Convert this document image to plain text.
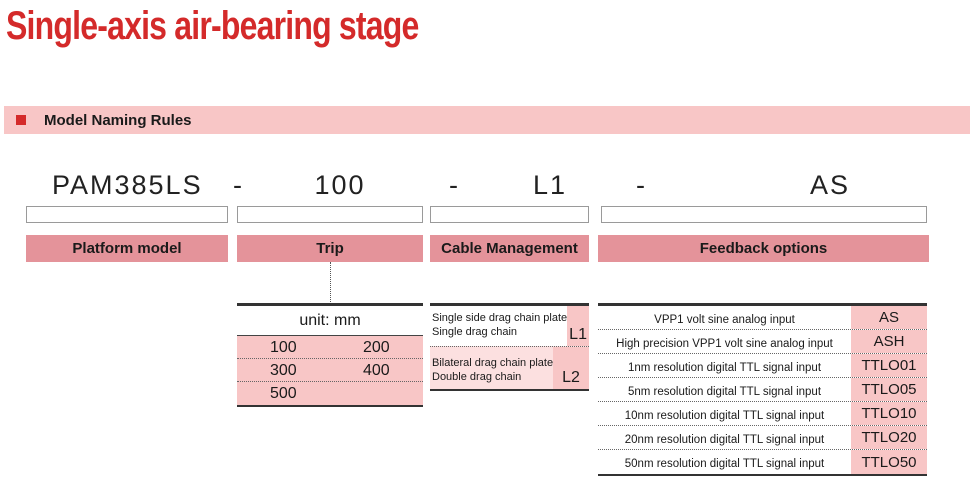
Single-axis air-bearing stage
Model Naming Rules
PAM385LS -	100	-	L1	-	AS
Platform model	Trip	Cable Management	Feedback options
unit: mm
100	200
300	400
500
Single side drag chain plate
Single drag chain	L1
Bilateral drag chain plate
Double drag chain	L2
VPP1 volt sine analog input	AS
High precision VPP1 volt sine analog input	ASH
1nm resolution digital TTL signal input	TTLO01
5nm resolution digital TTL signal input	TTLO05
10nm resolution digital TTL signal input	TTLO10
20nm resolution digital TTL signal input	TTLO20
50nm resolution digital TTL signal input	TTLO50
